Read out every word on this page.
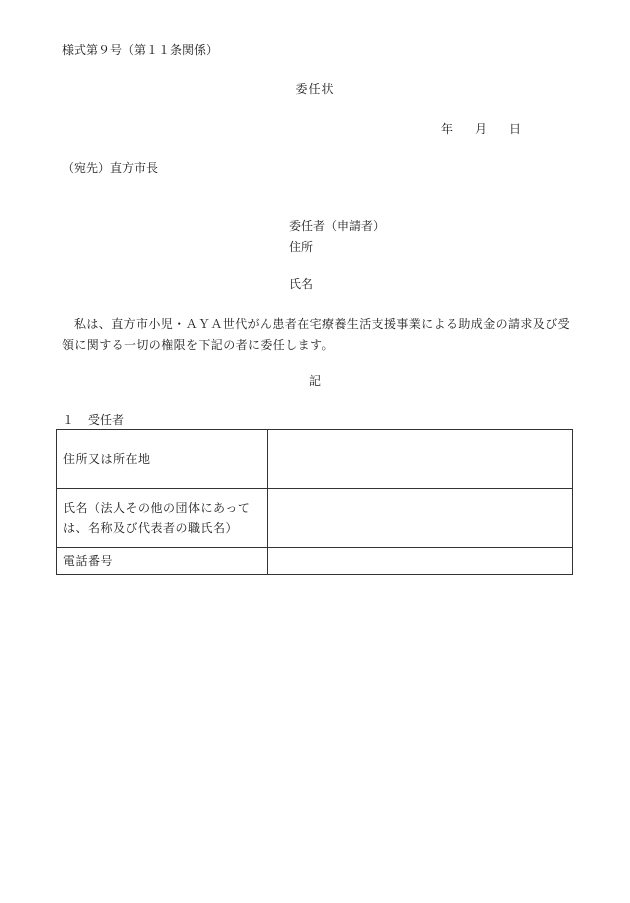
様式第９号（第１１条関係）
委任状
年 月 日
（宛先）直方市長
委任者（申請者）
住所
氏名
私は、直方市小児・ＡＹＡ世代がん患者在宅療養生活支援事業による助成金の請求及び受領に関する一切の権限を下記の者に委任します。
記
１ 受任者
住所又は所在地	
氏名（法人その他の団体にあっては、名称及び代表者の職氏名）	
電話番号	
